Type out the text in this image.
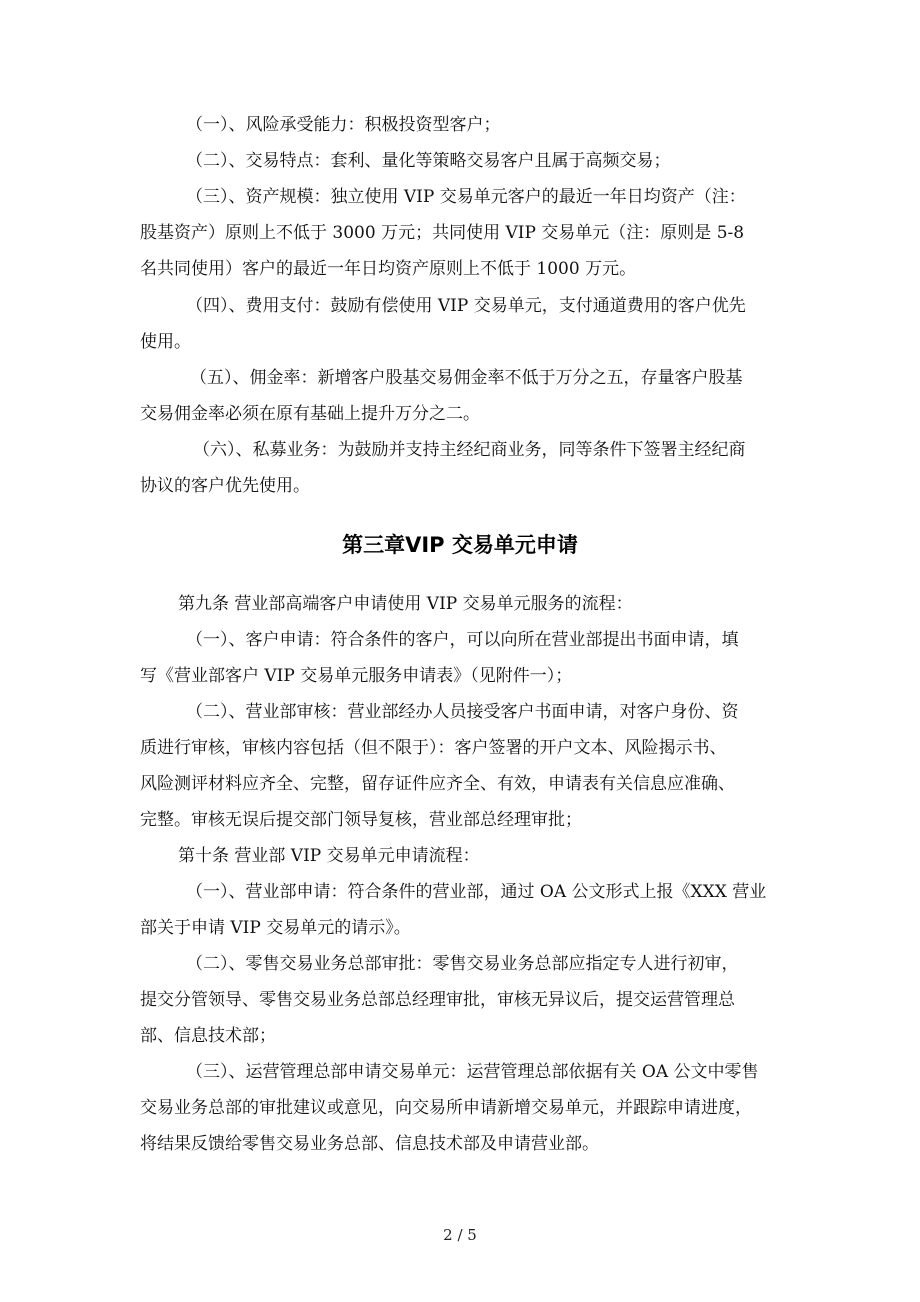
（一）、风险承受能力：积极投资型客户；
（二）、交易特点：套利、量化等策略交易客户且属于高频交易；
（三）、资产规模：独立使用 VIP 交易单元客户的最近一年日均资产（注：
股基资产）原则上不低于 3000 万元；共同使用 VIP 交易单元（注：原则是 5-8
名共同使用）客户的最近一年日均资产原则上不低于 1000 万元。
（四）、费用支付：鼓励有偿使用 VIP 交易单元，支付通道费用的客户优先
使用。
（五）、佣金率：新增客户股基交易佣金率不低于万分之五，存量客户股基
交易佣金率必须在原有基础上提升万分之二。
（六）、私募业务：为鼓励并支持主经纪商业务，同等条件下签署主经纪商
协议的客户优先使用。
第三章VIP 交易单元申请
第九条 营业部高端客户申请使用 VIP 交易单元服务的流程：
（一）、客户申请：符合条件的客户，可以向所在营业部提出书面申请，填
写《营业部客户 VIP 交易单元服务申请表》（见附件一）；
（二）、营业部审核：营业部经办人员接受客户书面申请，对客户身份、资
质进行审核，审核内容包括（但不限于）：客户签署的开户文本、风险揭示书、
风险测评材料应齐全、完整，留存证件应齐全、有效，申请表有关信息应准确、
完整。审核无误后提交部门领导复核，营业部总经理审批；
第十条 营业部 VIP 交易单元申请流程：
（一）、营业部申请：符合条件的营业部，通过 OA 公文形式上报《XXX 营业
部关于申请 VIP 交易单元的请示》。
（二）、零售交易业务总部审批：零售交易业务总部应指定专人进行初审，
提交分管领导、零售交易业务总部总经理审批，审核无异议后，提交运营管理总
部、信息技术部；
（三）、运营管理总部申请交易单元：运营管理总部依据有关 OA 公文中零售
交易业务总部的审批建议或意见，向交易所申请新增交易单元，并跟踪申请进度，
将结果反馈给零售交易业务总部、信息技术部及申请营业部。
2 / 5
